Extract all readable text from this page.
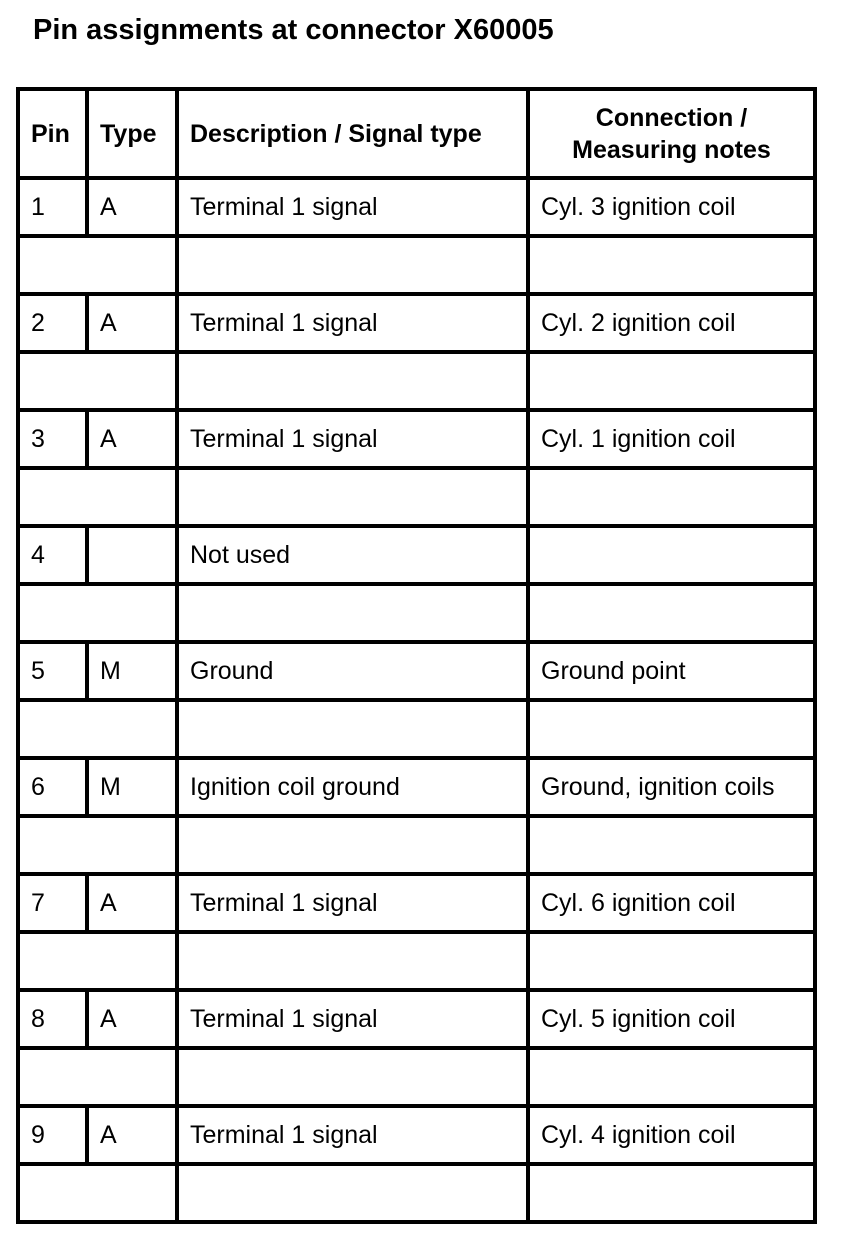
Pin assignments at connector X60005
Pin	Type	Description / Signal type	Connection / Measuring notes
1	A	Terminal 1 signal	Cyl. 3 ignition coil

2	A	Terminal 1 signal	Cyl. 2 ignition coil

3	A	Terminal 1 signal	Cyl. 1 ignition coil

4		Not used	

5	M	Ground	Ground point

6	M	Ignition coil ground	Ground, ignition coils

7	A	Terminal 1 signal	Cyl. 6 ignition coil

8	A	Terminal 1 signal	Cyl. 5 ignition coil

9	A	Terminal 1 signal	Cyl. 4 ignition coil
